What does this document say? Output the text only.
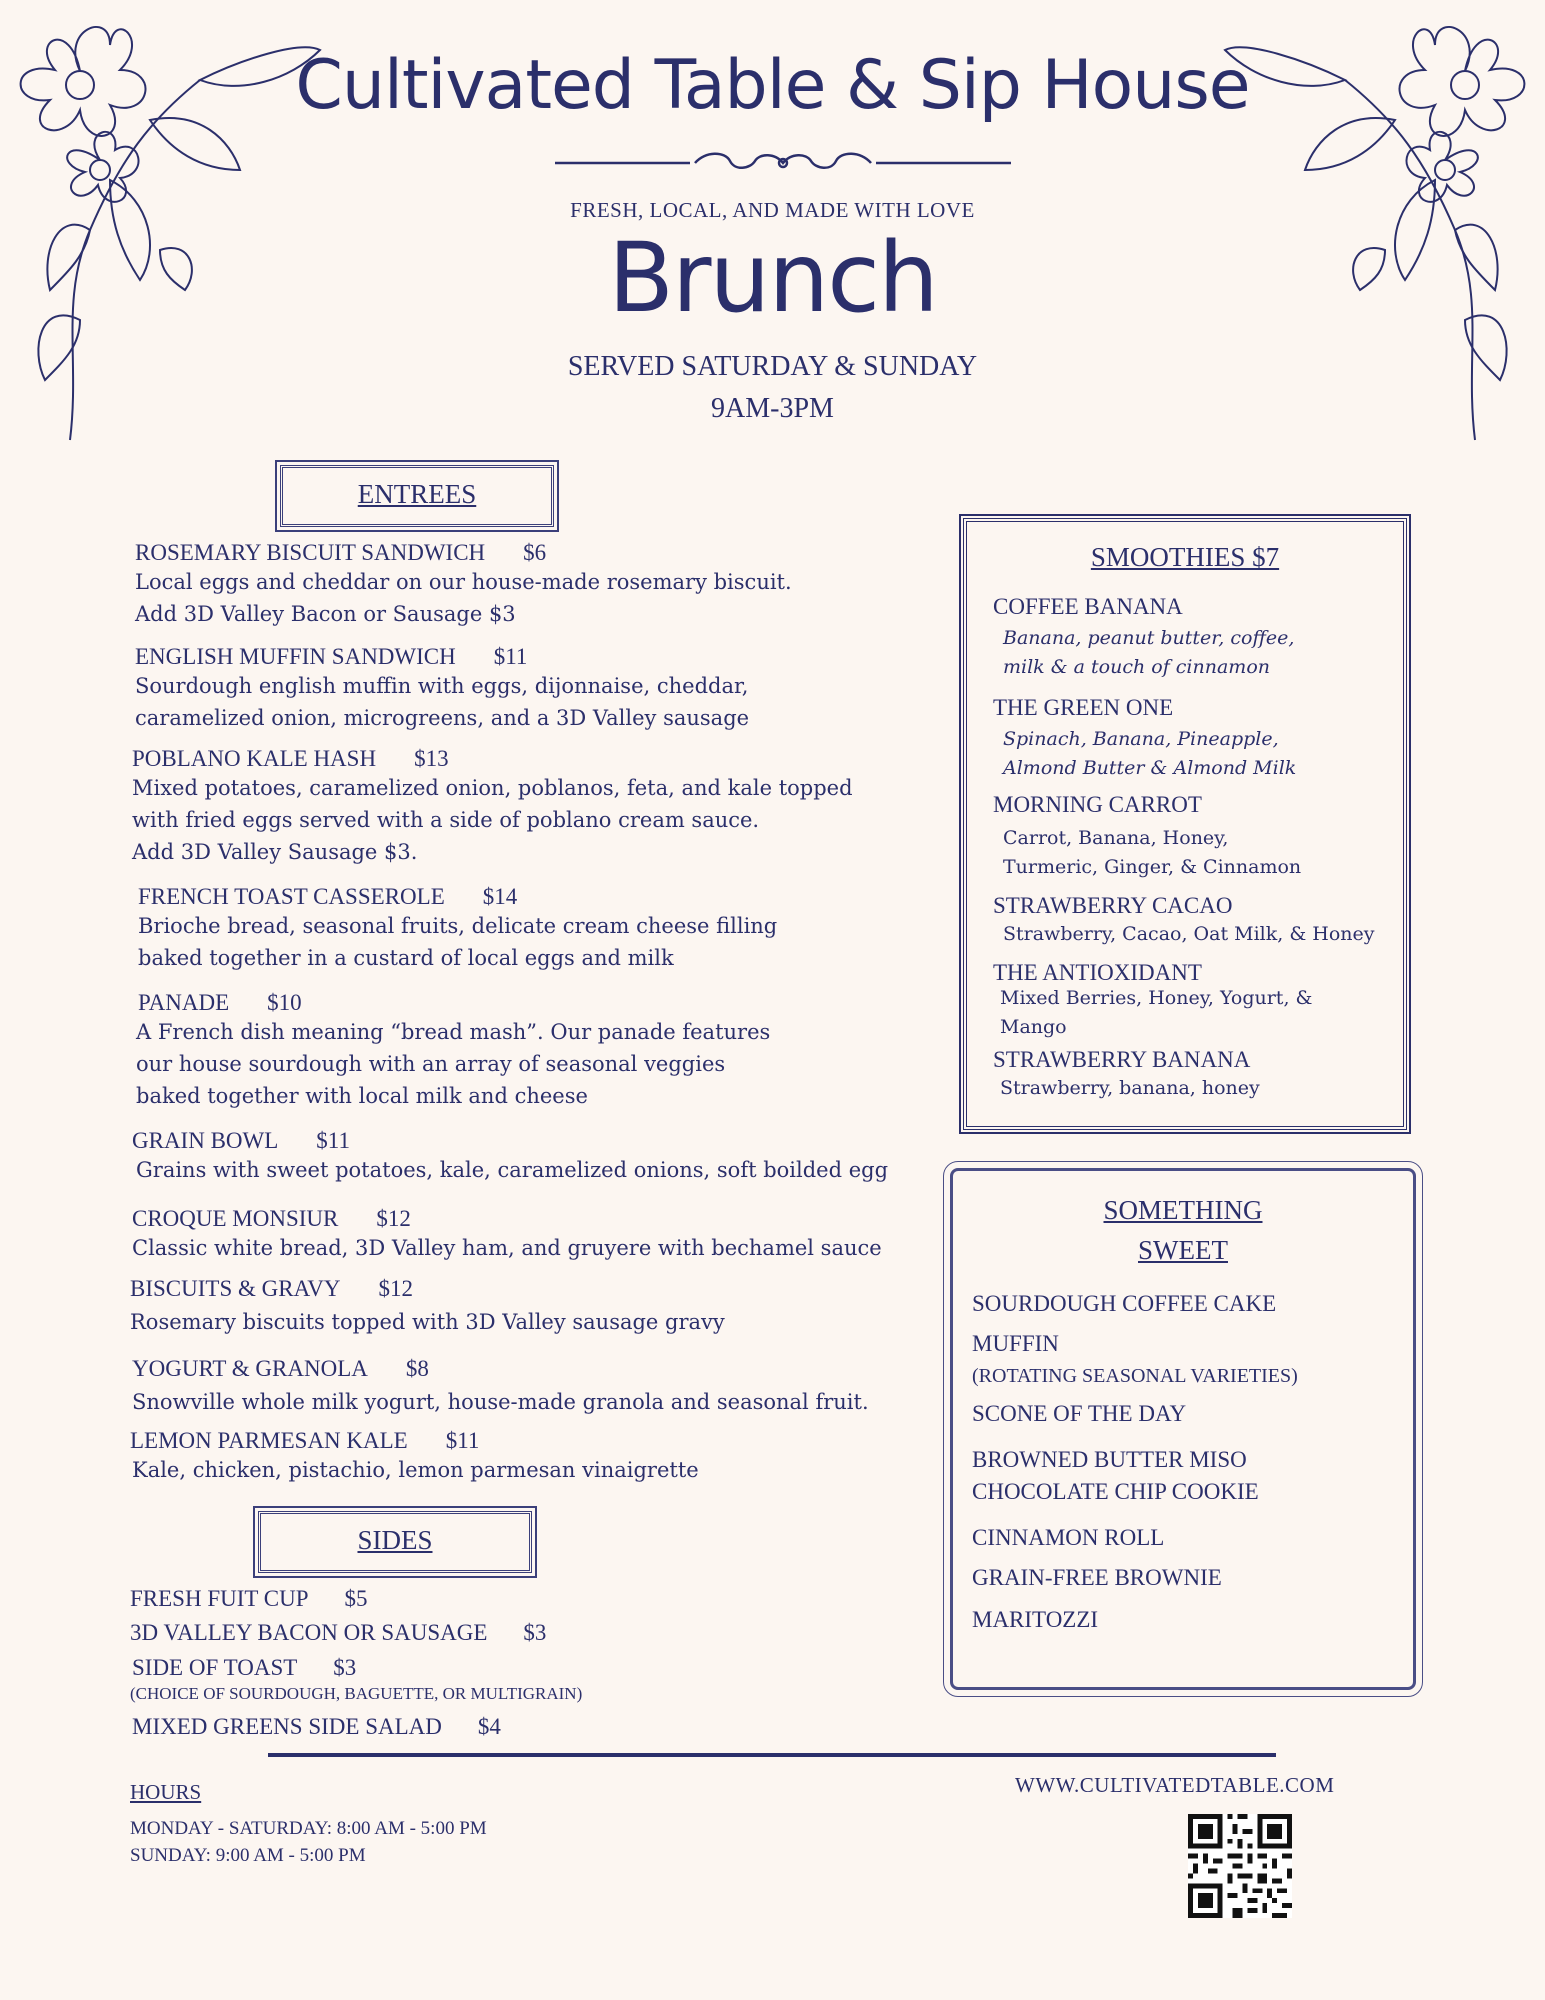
Cultivated Table & Sip House
FRESH, LOCAL, AND MADE WITH LOVE
Brunch
SERVED SATURDAY & SUNDAY
9AM-3PM
ENTREES
ROSEMARY BISCUIT SANDWICH $6
Local eggs and cheddar on our house-made rosemary biscuit.
Add 3D Valley Bacon or Sausage $3
ENGLISH MUFFIN SANDWICH $11
Sourdough english muffin with eggs, dijonnaise, cheddar,
caramelized onion, microgreens, and a 3D Valley sausage
POBLANO KALE HASH $13
Mixed potatoes, caramelized onion, poblanos, feta, and kale topped
with fried eggs served with a side of poblano cream sauce.
Add 3D Valley Sausage $3.
FRENCH TOAST CASSEROLE $14
Brioche bread, seasonal fruits, delicate cream cheese filling
baked together in a custard of local eggs and milk
PANADE $10
A French dish meaning “bread mash”. Our panade features
our house sourdough with an array of seasonal veggies
baked together with local milk and cheese
GRAIN BOWL $11
Grains with sweet potatoes, kale, caramelized onions, soft boilded egg
CROQUE MONSIUR $12
Classic white bread, 3D Valley ham, and gruyere with bechamel sauce
BISCUITS & GRAVY $12
Rosemary biscuits topped with 3D Valley sausage gravy
YOGURT & GRANOLA $8
Snowville whole milk yogurt, house-made granola and seasonal fruit.
LEMON PARMESAN KALE $11
Kale, chicken, pistachio, lemon parmesan vinaigrette
SIDES
FRESH FUIT CUP $5
3D VALLEY BACON OR SAUSAGE $3
SIDE OF TOAST $3
(CHOICE OF SOURDOUGH, BAGUETTE, OR MULTIGRAIN)
MIXED GREENS SIDE SALAD $4
SMOOTHIES $7
COFFEE BANANA
Banana, peanut butter, coffee,
milk & a touch of cinnamon
THE GREEN ONE
Spinach, Banana, Pineapple,
Almond Butter & Almond Milk
MORNING CARROT
Carrot, Banana, Honey,
Turmeric, Ginger, & Cinnamon
STRAWBERRY CACAO
Strawberry, Cacao, Oat Milk, & Honey
THE ANTIOXIDANT
Mixed Berries, Honey, Yogurt, &
Mango
STRAWBERRY BANANA
Strawberry, banana, honey
SOMETHING
SWEET
SOURDOUGH COFFEE CAKE
MUFFIN
(ROTATING SEASONAL VARIETIES)
SCONE OF THE DAY
BROWNED BUTTER MISO
CHOCOLATE CHIP COOKIE
CINNAMON ROLL
GRAIN-FREE BROWNIE
MARITOZZI
HOURS
MONDAY - SATURDAY: 8:00 AM - 5:00 PM
SUNDAY: 9:00 AM - 5:00 PM
WWW.CULTIVATEDTABLE.COM
